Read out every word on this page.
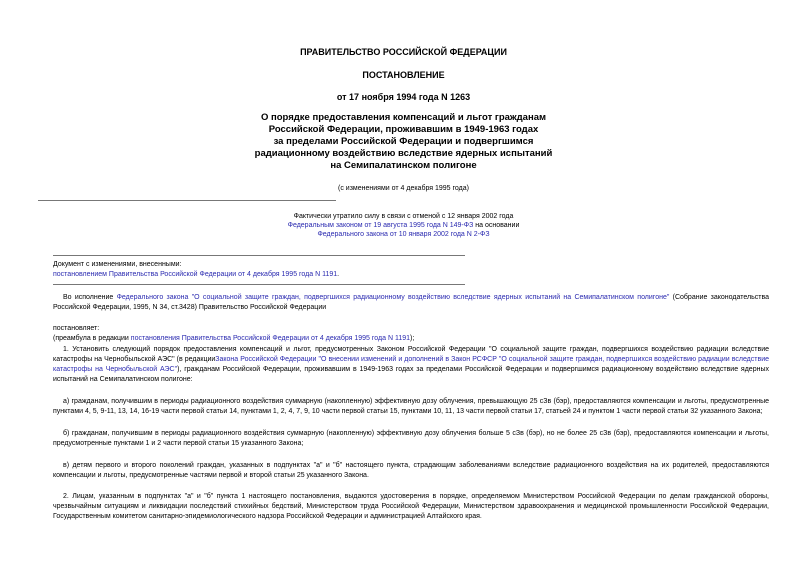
ПРАВИТЕЛЬСТВО РОССИЙСКОЙ ФЕДЕРАЦИИ
ПОСТАНОВЛЕНИЕ
от 17 ноября 1994 года N 1263
О порядке предоставления компенсаций и льгот гражданам
Российской Федерации, проживавшим в 1949-1963 годах
за пределами Российской Федерации и подвергшимся
радиационному воздействию вследствие ядерных испытаний
на Семипалатинском полигоне
(с изменениями от 4 декабря 1995 года)
Фактически утратило силу в связи с отменой с 12 января 2002 года
Федеральным законом от 19 августа 1995 года N 149-ФЗ на основании
Федерального закона от 10 января 2002 года N 2-ФЗ
Документ с изменениями, внесенными:
постановлением Правительства Российской Федерации от 4 декабря 1995 года N 1191.
Во исполнение Федерального закона "О социальной защите граждан, подвергшихся радиационному воздействию вследствие ядерных испытаний на Семипалатинском полигоне" (Собрание законодательства Российской Федерации, 1995, N 34, ст.3428) Правительство Российской Федерации
постановляет:
(преамбула в редакции постановления Правительства Российской Федерации от 4 декабря 1995 года N 1191);
1. Установить следующий порядок предоставления компенсаций и льгот, предусмотренных Законом Российской Федерации "О социальной защите граждан, подвергшихся воздействию радиации вследствие катастрофы на Чернобыльской АЭС" (в редакцииЗакона Российской Федерации "О внесении изменений и дополнений в Закон РСФСР "О социальной защите граждан, подвергшихся воздействию радиации вследствие катастрофы на Чернобыльской АЭС"), гражданам Российской Федерации, проживавшим в 1949-1963 годах за пределами Российской Федерации и подвергшимся радиационному воздействию вследствие ядерных испытаний на Семипалатинском полигоне:
а) гражданам, получившим в периоды радиационного воздействия суммарную (накопленную) эффективную дозу облучения, превышающую 25 сЗв (бэр), предоставляются компенсации и льготы, предусмотренные пунктами 4, 5, 9-11, 13, 14, 16-19 части первой статьи 14, пунктами 1, 2, 4, 7, 9, 10 части первой статьи 15, пунктами 10, 11, 13 части первой статьи 17, статьей 24 и пунктом 1 части первой статьи 32 указанного Закона;
б) гражданам, получившим в периоды радиационного воздействия суммарную (накопленную) эффективную дозу облучения больше 5 сЗв (бэр), но не более 25 сЗв (бэр), предоставляются компенсации и льготы, предусмотренные пунктами 1 и 2 части первой статьи 15 указанного Закона;
в) детям первого и второго поколений граждан, указанных в подпунктах "а" и "б" настоящего пункта, страдающим заболеваниями вследствие радиационного воздействия на их родителей, предоставляются компенсации и льготы, предусмотренные частями первой и второй статьи 25 указанного Закона.
2. Лицам, указанным в подпунктах "а" и "б" пункта 1 настоящего постановления, выдаются удостоверения в порядке, определяемом Министерством Российской Федерации по делам гражданской обороны, чрезвычайным ситуациям и ликвидации последствий стихийных бедствий, Министерством труда Российской Федерации, Министерством здравоохранения и медицинской промышленности Российской Федерации, Государственным комитетом санитарно-эпидемиологического надзора Российской Федерации и администрацией Алтайского края.
